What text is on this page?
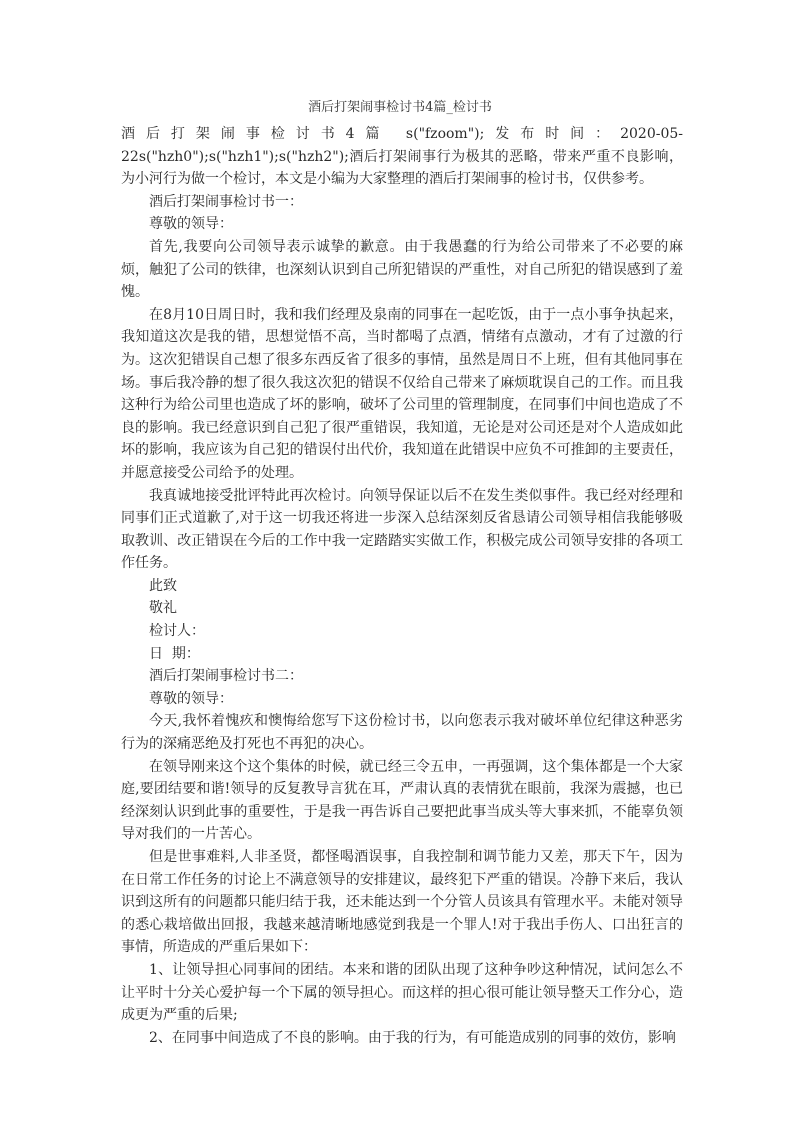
酒后打架闹事检讨书4篇_检讨书

酒后打架闹事检讨书4篇 s("fzoom");发布时间：2020-05-22s("hzh0");s("hzh1");s("hzh2");酒后打架闹事行为极其的恶略，带来严重不良影响，为小河行为做一个检讨，本文是小编为大家整理的酒后打架闹事的检讨书，仅供参考。

酒后打架闹事检讨书一：

尊敬的领导：

首先,我要向公司领导表示诚挚的歉意。由于我愚蠢的行为给公司带来了不必要的麻烦，触犯了公司的铁律，也深刻认识到自己所犯错误的严重性，对自己所犯的错误感到了羞愧。

在8月10日周日时，我和我们经理及泉南的同事在一起吃饭，由于一点小事争执起来，我知道这次是我的错，思想觉悟不高，当时都喝了点酒，情绪有点激动，才有了过激的行为。这次犯错误自己想了很多东西反省了很多的事情，虽然是周日不上班，但有其他同事在场。事后我冷静的想了很久我这次犯的错误不仅给自己带来了麻烦耽误自己的工作。而且我这种行为给公司里也造成了坏的影响，破坏了公司里的管理制度，在同事们中间也造成了不良的影响。我已经意识到自己犯了很严重错误，我知道，无论是对公司还是对个人造成如此坏的影响，我应该为自己犯的错误付出代价，我知道在此错误中应负不可推卸的主要责任，并愿意接受公司给予的处理。

我真诚地接受批评特此再次检讨。向领导保证以后不在发生类似事件。我已经对经理和同事们正式道歉了,对于这一切我还将进一步深入总结深刻反省恳请公司领导相信我能够吸取教训、改正错误在今后的工作中我一定踏踏实实做工作，积极完成公司领导安排的各项工作任务。

此致

敬礼

检讨人：

日  期：

酒后打架闹事检讨书二：

尊敬的领导：

今天,我怀着愧疚和懊悔给您写下这份检讨书，以向您表示我对破坏单位纪律这种恶劣行为的深痛恶绝及打死也不再犯的决心。

在领导刚来这个这个集体的时候，就已经三令五申，一再强调，这个集体都是一个大家庭,要团结要和谐!领导的反复教导言犹在耳，严肃认真的表情犹在眼前，我深为震撼，也已经深刻认识到此事的重要性，于是我一再告诉自己要把此事当成头等大事来抓，不能辜负领导对我们的一片苦心。

但是世事难料,人非圣贤，都怪喝酒误事，自我控制和调节能力又差，那天下午，因为在日常工作任务的讨论上不满意领导的安排建议，最终犯下严重的错误。冷静下来后，我认识到这所有的问题都只能归结于我，还未能达到一个分管人员该具有管理水平。未能对领导的悉心栽培做出回报，我越来越清晰地感觉到我是一个罪人!对于我出手伤人、口出狂言的事情，所造成的严重后果如下：

1、让领导担心同事间的团结。本来和谐的团队出现了这种争吵这种情况，试问怎么不让平时十分关心爱护每一个下属的领导担心。而这样的担心很可能让领导整天工作分心，造成更为严重的后果;

2、在同事中间造成了不良的影响。由于我的行为，有可能造成别的同事的效仿，影响
